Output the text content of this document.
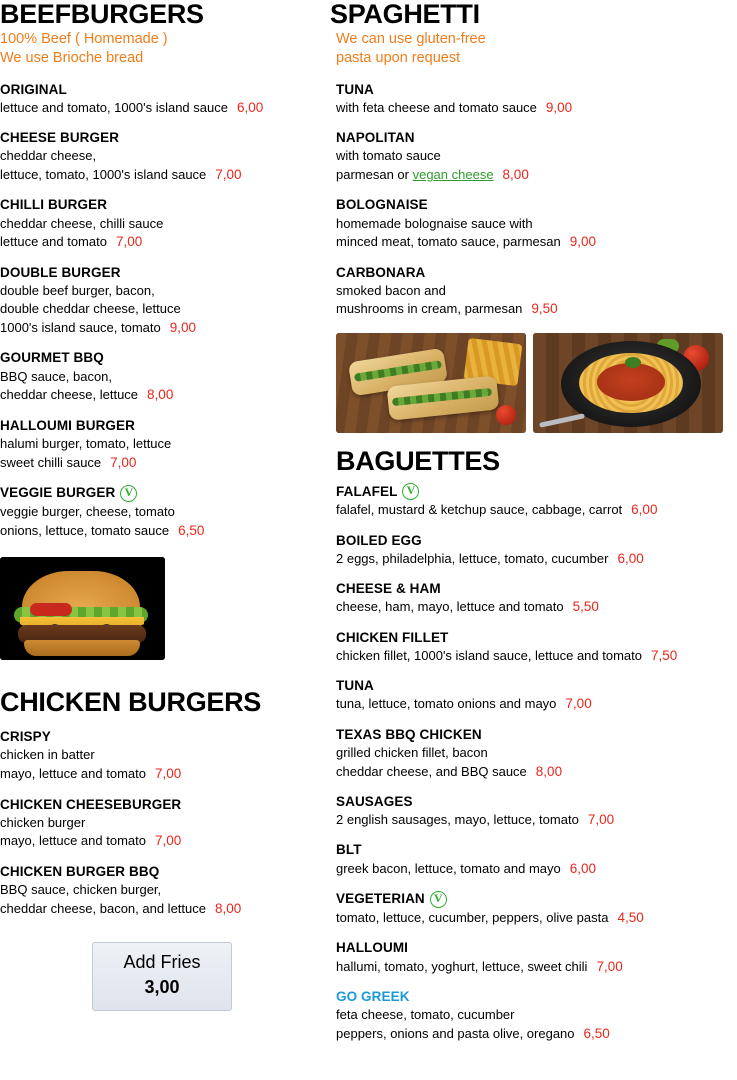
BEEFBURGERS
100% Beef ( Homemade )
We use Brioche bread
ORIGINAL
lettuce and tomato, 1000's island sauce 6,00
CHEESE BURGER
cheddar cheese,
lettuce, tomato, 1000's island sauce 7,00
CHILLI BURGER
cheddar cheese, chilli sauce
lettuce and tomato 7,00
DOUBLE BURGER
double beef burger, bacon,
double cheddar cheese, lettuce
1000's island sauce, tomato 9,00
GOURMET BBQ
BBQ sauce, bacon,
cheddar cheese, lettuce 8,00
HALLOUMI BURGER
halumi burger, tomato, lettuce
sweet chilli sauce 7,00
VEGGIE BURGER
V
veggie burger, cheese, tomato
onions, lettuce, tomato sauce 6,50
CHICKEN BURGERS
CRISPY
chicken in batter
mayo, lettuce and tomato 7,00
CHICKEN CHEESEBURGER
chicken burger
mayo, lettuce and tomato 7,00
CHICKEN BURGER BBQ
BBQ sauce, chicken burger,
cheddar cheese, bacon, and lettuce 8,00
Add Fries
3,00
SPAGHETTI
We can use gluten-free
pasta upon request
TUNA
with feta cheese and tomato sauce 9,00
NAPOLITAN
with tomato sauce
parmesan or vegan cheese 8,00
BOLOGNAISE
homemade bolognaise sauce with
minced meat, tomato sauce, parmesan 9,00
CARBONARA
smoked bacon and
mushrooms in cream, parmesan 9,50
BAGUETTES
FALAFEL
V
falafel, mustard & ketchup sauce, cabbage, carrot 6,00
BOILED EGG
2 eggs, philadelphia, lettuce, tomato, cucumber 6,00
CHEESE & HAM
cheese, ham, mayo, lettuce and tomato 5,50
CHICKEN FILLET
chicken fillet, 1000's island sauce, lettuce and tomato 7,50
TUNA
tuna, lettuce, tomato onions and mayo 7,00
TEXAS BBQ CHICKEN
grilled chicken fillet, bacon
cheddar cheese, and BBQ sauce 8,00
SAUSAGES
2 english sausages, mayo, lettuce, tomato 7,00
BLT
greek bacon, lettuce, tomato and mayo 6,00
VEGETERIAN
V
tomato, lettuce, cucumber, peppers, olive pasta 4,50
HALLOUMI
hallumi, tomato, yoghurt, lettuce, sweet chili 7,00
GO GREEK
feta cheese, tomato, cucumber
peppers, onions and pasta olive, oregano 6,50
